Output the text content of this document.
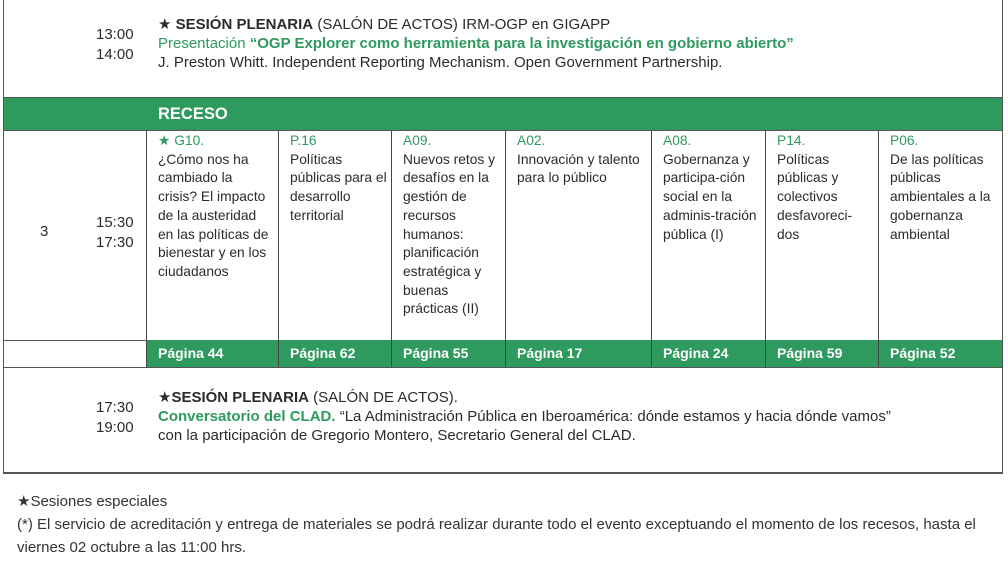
13:00
14:00
★ SESIÓN PLENARIA (SALÓN DE ACTOS) IRM-OGP en GIGAPP
Presentación “OGP Explorer como herramienta para la investigación en gobierno abierto”
J. Preston Whitt. Independent Reporting Mechanism. Open Government Partnership.
RECESO
3
15:30
17:30
★ G10.
¿Cómo nos ha cambiado la crisis? El impacto de la austeridad en las políticas de bienestar y en los ciudadanos
Página 44
P.16
Políticas públicas para el desarrollo territorial
Página 62
A09.
Nuevos retos y desafíos en la gestión de recursos humanos: planificación estratégica y buenas prácticas (II)
Página 55
A02.
Innovación y talento para lo público
Página 17
A08.
Gobernanza y participa-ción social en la adminis-tración pública (I)
Página 24
P14.
Políticas públicas y colectivos desfavoreci-dos
Página 59
P06.
De las políticas públicas ambientales a la gobernanza ambiental
Página 52
17:30
19:00
★SESIÓN PLENARIA (SALÓN DE ACTOS).
Conversatorio del CLAD. “La Administración Pública en Iberoamérica: dónde estamos y hacia dónde vamos”
con la participación de Gregorio Montero, Secretario General del CLAD.
★Sesiones especiales
(*) El servicio de acreditación y entrega de materiales se podrá realizar durante todo el evento exceptuando el momento de los recesos, hasta el viernes 02 octubre a las 11:00 hrs.
